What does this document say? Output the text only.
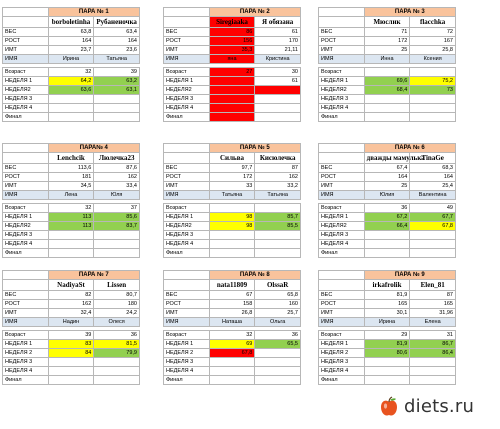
	ПАРА № 1	
	borboletinha	Рубаненочка
ВЕС	63,8	63,4
РОСТ	164	164
ИМТ	23,7	23,6
ИМЯ	Ирина	Татьяна

Возраст	32	39
НЕДЕЛЯ 1	64,2	63,2
НЕДЕЛЯ2	63,6	63,1
НЕДЕЛЯ 3		
НЕДЕЛЯ 4		
Финал		
	ПАРА № 2	
	Siregiaaka	Я обязана
ВЕС	86	61
РОСТ	156	170
ИМТ	35,3	21,11
ИМЯ	яна	Кристина

Возраст	27	30
НЕДЕЛЯ 1		61
НЕДЕЛЯ2		
НЕДЕЛЯ 3		
НЕДЕЛЯ 4		
Финал		
	ПАРА № 3	
	Мюслик	flacchka
ВЕС	71	72
РОСТ	172	167
ИМТ	25	25,8
ИМЯ	Инна	Ксения

Возраст		
НЕДЕЛЯ 1	69,6	75,2
НЕДЕЛЯ2	68,4	73
НЕДЕЛЯ 3		
НЕДЕЛЯ 4		
Финал		
	ПАРА№ 4	
	Lenchcik	Люлечка23
ВЕС	113,6	87,6
РОСТ	181	162
ИМТ	34,5	33,4
ИМЯ	Лена	Юля

Возраст	32	37
НЕДЕЛЯ 1	113	85,6
НЕДЕЛЯ2	113	83,7
НЕДЕЛЯ 3		
НЕДЕЛЯ 4		
Финал		
	ПАРА № 5	
	Сильва	Кисюлечка
ВЕС	97,7	87
РОСТ	172	162
ИМТ	33	33,2
ИМЯ	Татьяна	Татьяна

Возраст		
НЕДЕЛЯ 1	98	85,7
НЕДЕЛЯ2	98	85,5
НЕДЕЛЯ 3		
НЕДЕЛЯ 4		
Финал		
	ПАРА № 6	
	дважды мамулька	TinaGe
ВЕС	67,4	68,3
РОСТ	164	164
ИМТ	25	25,4
ИМЯ	Юлия	Валентина

Возраст	36	49
НЕДЕЛЯ 1	67,2	67,7
НЕДЕЛЯ2	66,4	67,8
НЕДЕЛЯ 3		
НЕДЕЛЯ 4		
Финал		
	ПАРА № 7	
	NadiyaSt	Lissen
ВЕС	82	80,7
РОСТ	162	180
ИМТ	32,4	24,2
ИМЯ	Надин	Олеся

Возраст	39	36
НЕДЕЛЯ 1	83	81,5
НЕДЕЛЯ 2	84	79,9
НЕДЕЛЯ 3		
НЕДЕЛЯ 4		
Финал		
	ПАРА № 8	
	nata11809	OlssaR
ВЕС	67	65,8
РОСТ	158	160
ИМТ	26,8	25,7
ИМЯ	Наташа	Ольга

Возраст	32	36
НЕДЕЛЯ 1	69	65,5
НЕДЕЛЯ 2	67,8	
НЕДЕЛЯ 3		
НЕДЕЛЯ 4		
Финал		
	ПАРА № 9	
	irkafrolik	Elen_81
ВЕС	81,9	87
РОСТ	165	165
ИМТ	30,1	31,96
ИМЯ	Ирина	Елена

Возраст	29	31
НЕДЕЛЯ 1	81,9	86,7
НЕДЕЛЯ 2	80,6	86,4
НЕДЕЛЯ 3		
НЕДЕЛЯ 4		
Финал		
diets.ru
